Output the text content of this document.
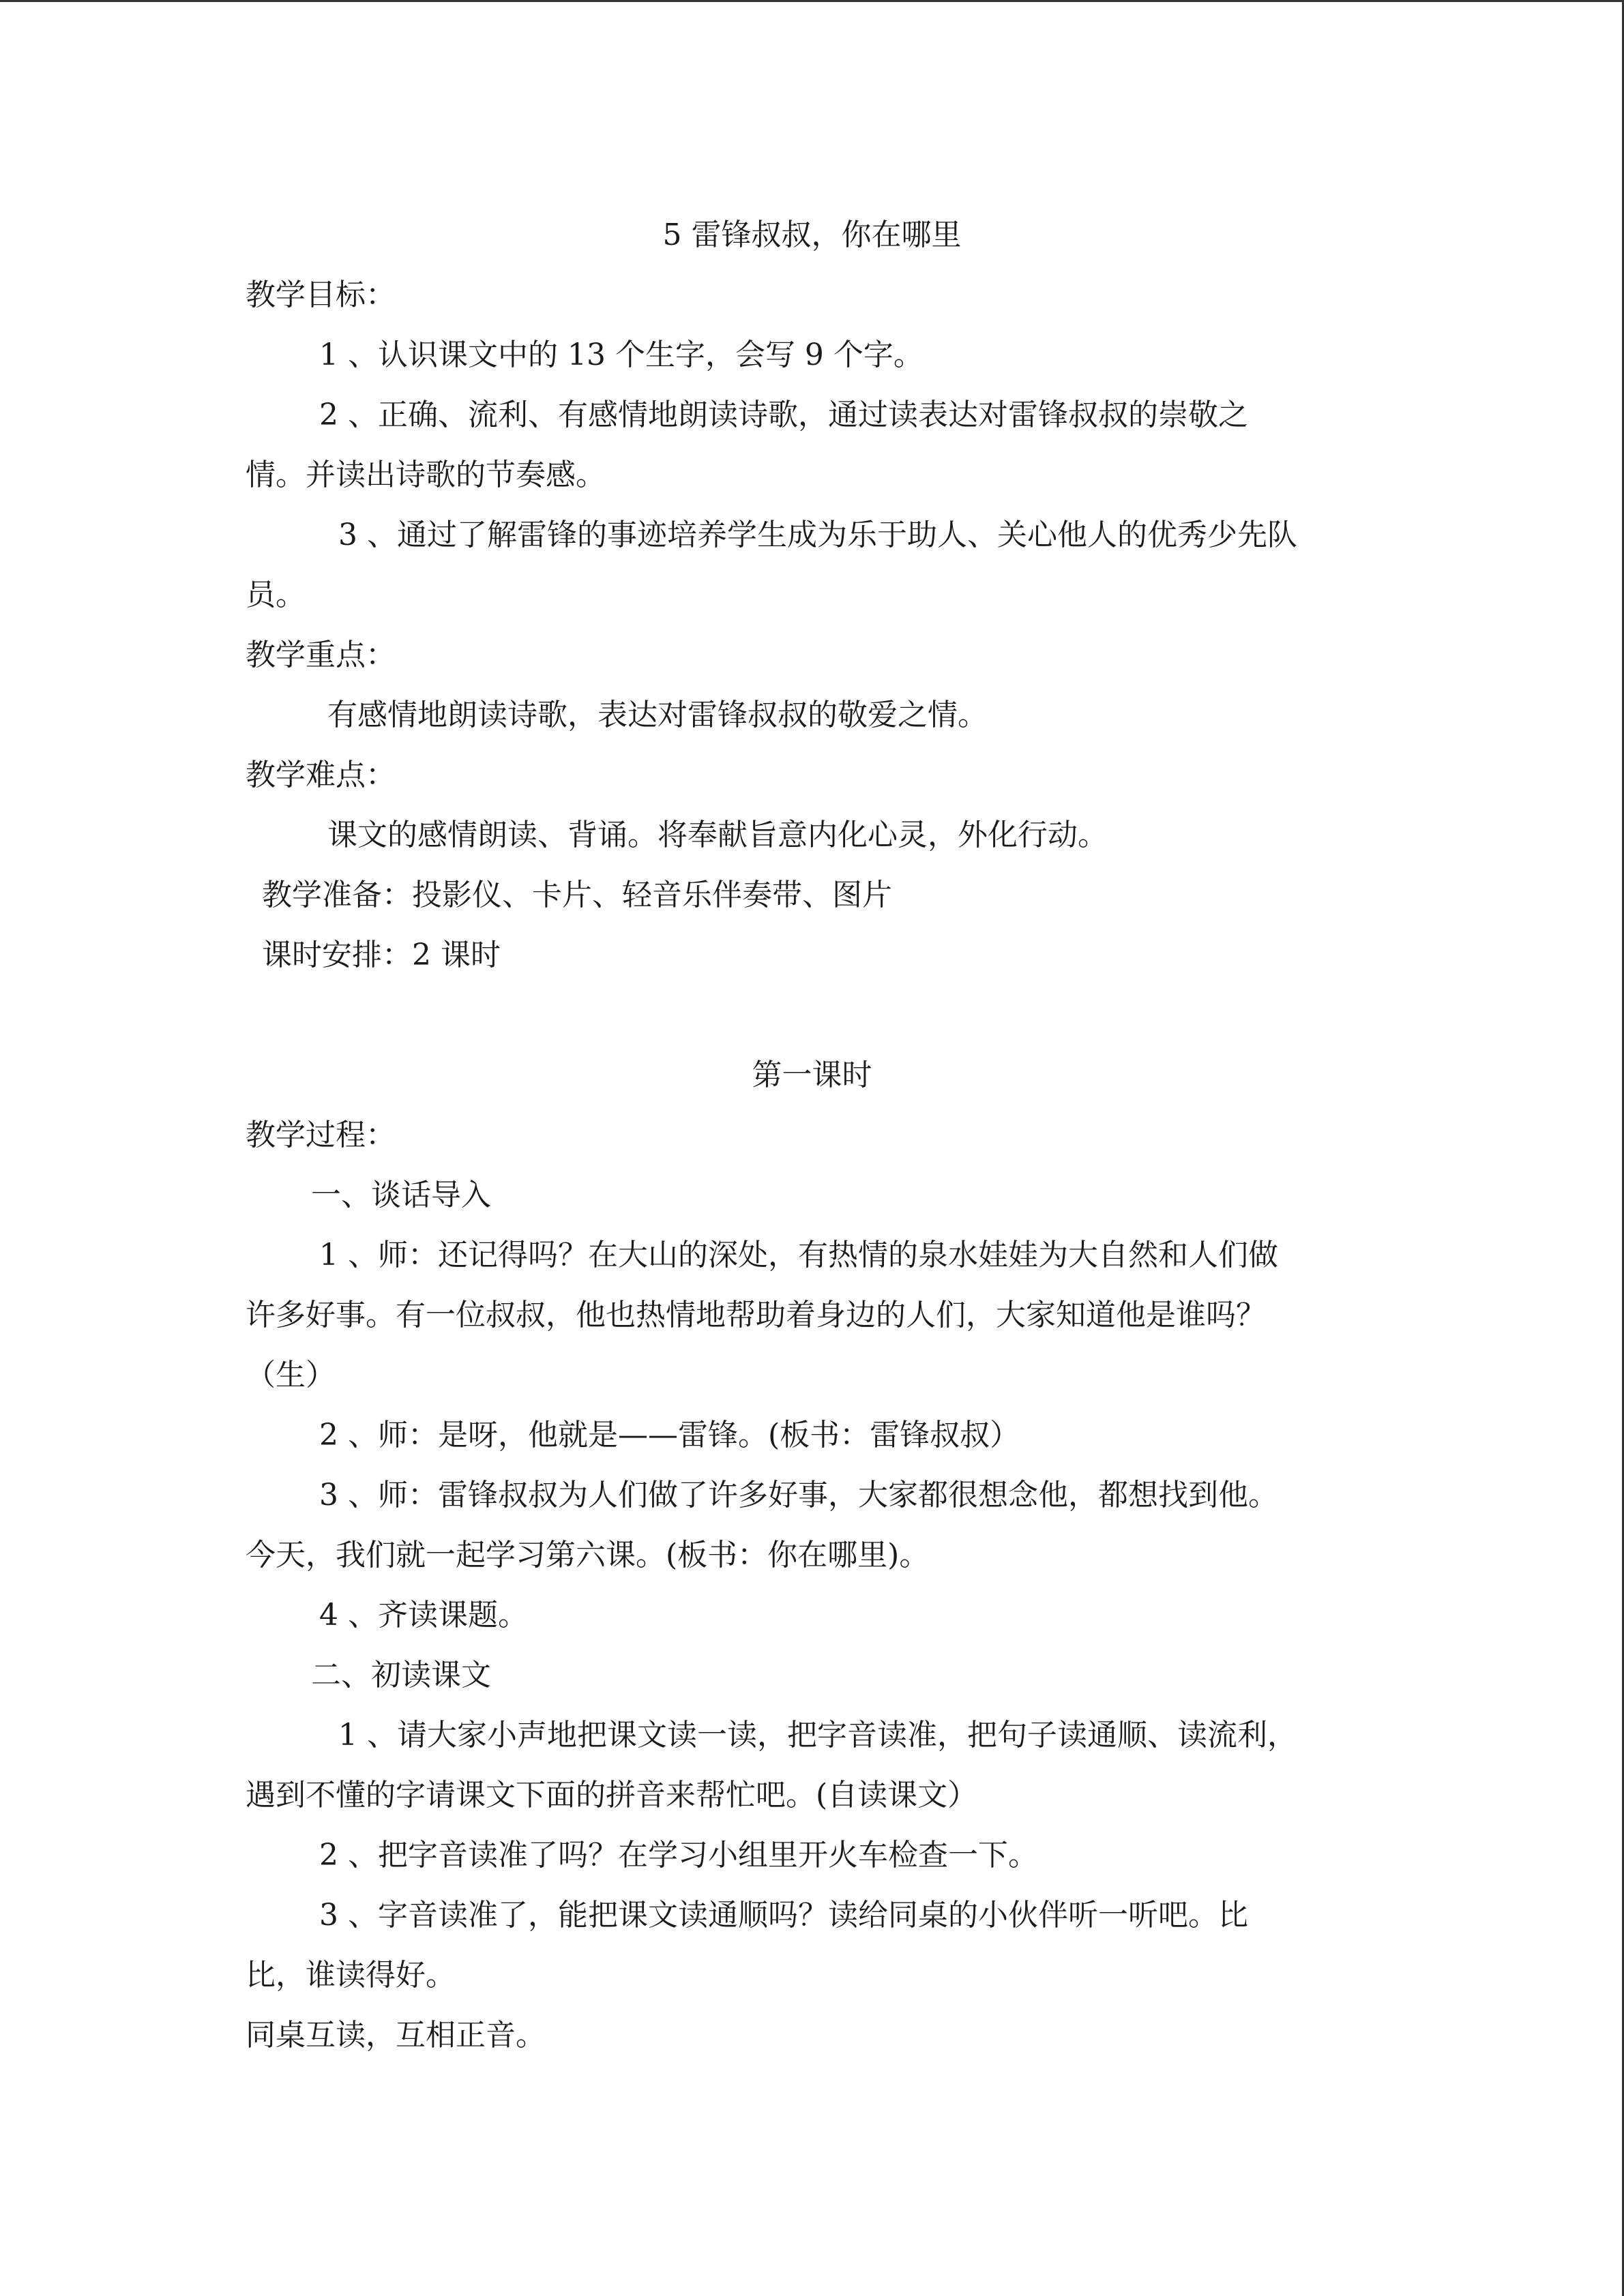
5 雷锋叔叔，你在哪里
教学目标：
1 、认识课文中的 13 个生字，会写 9 个字。
2 、正确、流利、有感情地朗读诗歌，通过读表达对雷锋叔叔的崇敬之
情。并读出诗歌的节奏感。
3 、通过了解雷锋的事迹培养学生成为乐于助人、关心他人的优秀少先队
员。
教学重点：
有感情地朗读诗歌，表达对雷锋叔叔的敬爱之情。
教学难点：
课文的感情朗读、背诵。将奉献旨意内化心灵，外化行动。
教学准备：投影仪、卡片、轻音乐伴奏带、图片
课时安排：2 课时
第一课时
教学过程：
一、谈话导入
1 、师：还记得吗？在大山的深处，有热情的泉水娃娃为大自然和人们做
许多好事。有一位叔叔，他也热情地帮助着身边的人们，大家知道他是谁吗？
（生）
2 、师：是呀，他就是——雷锋。(板书：雷锋叔叔）
3 、师：雷锋叔叔为人们做了许多好事，大家都很想念他，都想找到他。
今天，我们就一起学习第六课。(板书：你在哪里)。
4 、齐读课题。
二、初读课文
1 、请大家小声地把课文读一读，把字音读准，把句子读通顺、读流利，
遇到不懂的字请课文下面的拼音来帮忙吧。(自读课文）
2 、把字音读准了吗？在学习小组里开火车检查一下。
3 、字音读准了，能把课文读通顺吗？读给同桌的小伙伴听一听吧。比
比，谁读得好。
同桌互读，互相正音。
